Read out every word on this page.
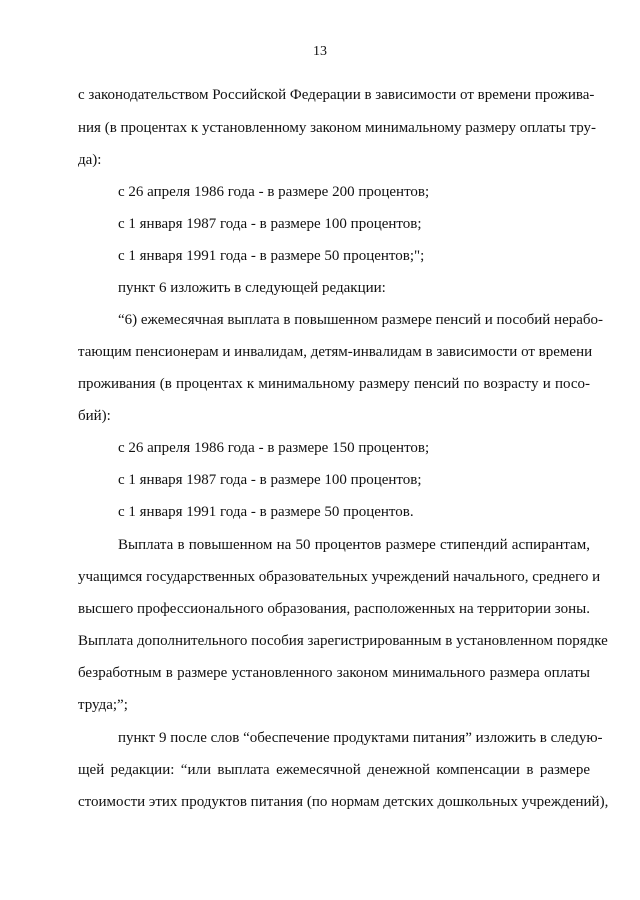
13
с законодательством Российской Федерации в зависимости от времени прожива-
ния (в процентах к установленному законом минимальному размеру оплаты тру-
да):
с 26 апреля 1986 года - в размере 200 процентов;
с 1 января 1987 года - в размере 100 процентов;
с 1 января 1991 года - в размере 50 процентов;";
пункт 6 изложить в следующей редакции:
“6) ежемесячная выплата в повышенном размере пенсий и пособий нерабо-
тающим пенсионерам и инвалидам, детям-инвалидам в зависимости от времени
проживания (в процентах к минимальному размеру пенсий по возрасту и посо-
бий):
с 26 апреля 1986 года - в размере 150 процентов;
с 1 января 1987 года - в размере 100 процентов;
с 1 января 1991 года - в размере 50 процентов.
Выплата в повышенном на 50 процентов размере стипендий аспирантам,
учащимся государственных образовательных учреждений начального, среднего и
высшего профессионального образования, расположенных на территории зоны.
Выплата дополнительного пособия зарегистрированным в установленном порядке
безработным в размере установленного законом минимального размера оплаты
труда;”;
пункт 9 после слов “обеспечение продуктами питания” изложить в следую-
щей редакции: “или выплата ежемесячной денежной компенсации в размере
стоимости этих продуктов питания (по нормам детских дошкольных учреждений),
